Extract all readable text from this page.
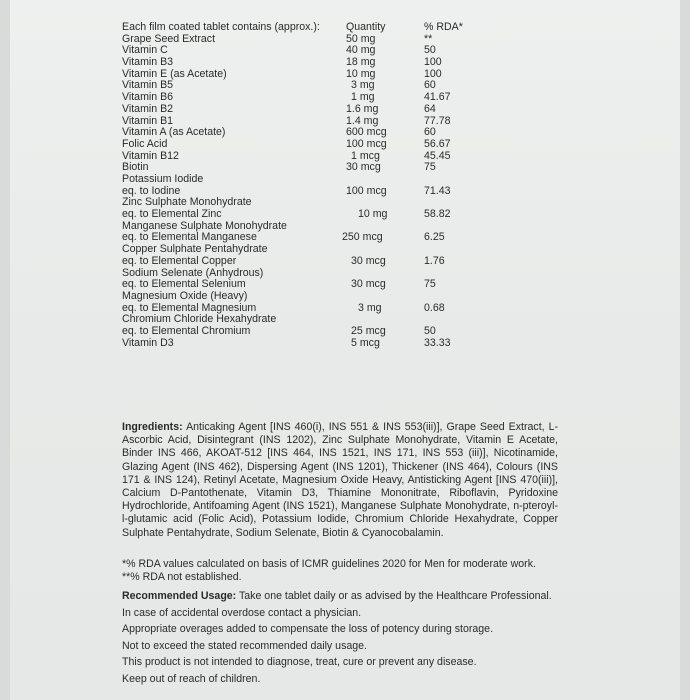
Each film coated tablet contains (approx.): Quantity	% RDA*
Grape Seed Extract	50 mg	**
Vitamin C	40 mg	50
Vitamin B3	18 mg	100
Vitamin E (as Acetate)	10 mg	100
Vitamin B5	3 mg	60
Vitamin B6	1 mg	41.67
Vitamin B2	1.6 mg	64
Vitamin B1	1.4 mg	77.78
Vitamin A (as Acetate)	600 mcg	60
Folic Acid	100 mcg	56.67
Vitamin B12	1 mcg	45.45
Biotin	30 mcg	75
Potassium Iodide
eq. to Iodine	100 mcg	71.43
Zinc Sulphate Monohydrate
eq. to Elemental Zinc	10 mg	58.82
Manganese Sulphate Monohydrate
eq. to Elemental Manganese	250 mcg	6.25
Copper Sulphate Pentahydrate
eq. to Elemental Copper	30 mcg	1.76
Sodium Selenate (Anhydrous)
eq. to Elemental Selenium	30 mcg	75
Magnesium Oxide (Heavy)
eq. to Elemental Magnesium	3 mg	0.68
Chromium Chloride Hexahydrate
eq. to Elemental Chromium	25 mcg	50
Vitamin D3	5 mcg	33.33
Ingredients: Anticaking Agent [INS 460(i), INS 551 & INS 553(iii)], Grape Seed Extract, L-Ascorbic Acid, Disintegrant (INS 1202), Zinc Sulphate Monohydrate, Vitamin E Acetate, Binder INS 466, AKOAT-512 [INS 464, INS 1521, INS 171, INS 553 (iii)], Nicotinamide, Glazing Agent (INS 462), Dispersing Agent (INS 1201), Thickener (INS 464), Colours (INS 171 & INS 124), Retinyl Acetate, Magnesium Oxide Heavy, Antisticking Agent [INS 470(iii)], Calcium D-Pantothenate, Vitamin D3, Thiamine Mononitrate, Riboflavin, Pyridoxine Hydrochloride, Antifoaming Agent (INS 1521), Manganese Sulphate Monohydrate, n-pteroyl-l-glutamic acid (Folic Acid), Potassium Iodide, Chromium Chloride Hexahydrate, Copper Sulphate Pentahydrate, Sodium Selenate, Biotin & Cyanocobalamin.

*% RDA values calculated on basis of ICMR guidelines 2020 for Men for moderate work.

**% RDA not established.

Recommended Usage: Take one tablet daily or as advised by the Healthcare Professional.

In case of accidental overdose contact a physician.

Appropriate overages added to compensate the loss of potency during storage.

Not to exceed the stated recommended daily usage.

This product is not intended to diagnose, treat, cure or prevent any disease.

Keep out of reach of children.
